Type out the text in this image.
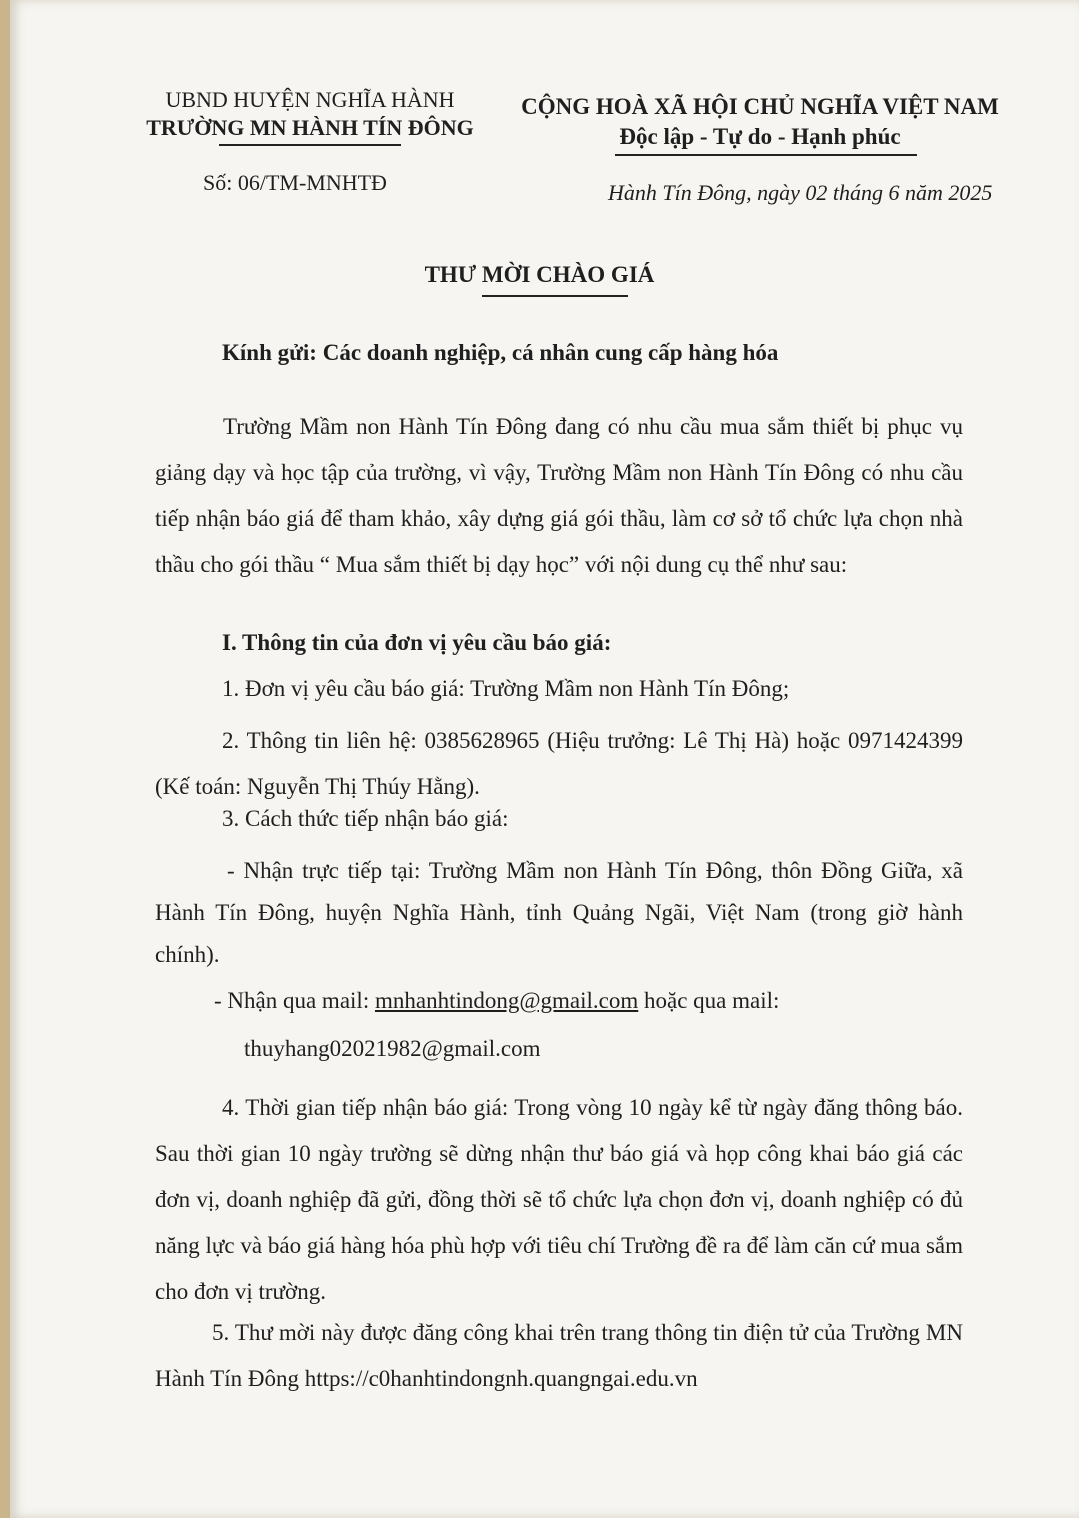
UBND HUYỆN NGHĨA HÀNH
TRƯỜNG MN HÀNH TÍN ĐÔNG
CỘNG HOÀ XÃ HỘI CHỦ NGHĨA VIỆT NAM
Độc lập - Tự do - Hạnh phúc
Số: 06/TM-MNHTĐ	Hành Tín Đông, ngày 02 tháng 6 năm 2025
THƯ MỜI CHÀO GIÁ
Kính gửi: Các doanh nghiệp, cá nhân cung cấp hàng hóa
Trường Mầm non Hành Tín Đông đang có nhu cầu mua sắm thiết bị phục vụ giảng dạy và học tập của trường, vì vậy, Trường Mầm non Hành Tín Đông có nhu cầu tiếp nhận báo giá để tham khảo, xây dựng giá gói thầu, làm cơ sở tổ chức lựa chọn nhà thầu cho gói thầu “ Mua sắm thiết bị dạy học” với nội dung cụ thể như sau:
I. Thông tin của đơn vị yêu cầu báo giá:
1. Đơn vị yêu cầu báo giá: Trường Mầm non Hành Tín Đông;
2. Thông tin liên hệ: 0385628965 (Hiệu trưởng: Lê Thị Hà) hoặc 0971424399 (Kế toán: Nguyễn Thị Thúy Hằng).
3. Cách thức tiếp nhận báo giá:
- Nhận trực tiếp tại: Trường Mầm non Hành Tín Đông, thôn Đồng Giữa, xã Hành Tín Đông, huyện Nghĩa Hành, tỉnh Quảng Ngãi, Việt Nam (trong giờ hành chính).
- Nhận qua mail: mnhanhtindong@gmail.com hoặc qua mail:
thuyhang02021982@gmail.com
4. Thời gian tiếp nhận báo giá: Trong vòng 10 ngày kể từ ngày đăng thông báo. Sau thời gian 10 ngày trường sẽ dừng nhận thư báo giá và họp công khai báo giá các đơn vị, doanh nghiệp đã gửi, đồng thời sẽ tổ chức lựa chọn đơn vị, doanh nghiệp có đủ năng lực và báo giá hàng hóa phù hợp với tiêu chí Trường đề ra để làm căn cứ mua sắm cho đơn vị trường.
5. Thư mời này được đăng công khai trên trang thông tin điện tử của Trường MN Hành Tín Đông https://c0hanhtindongnh.quangngai.edu.vn
